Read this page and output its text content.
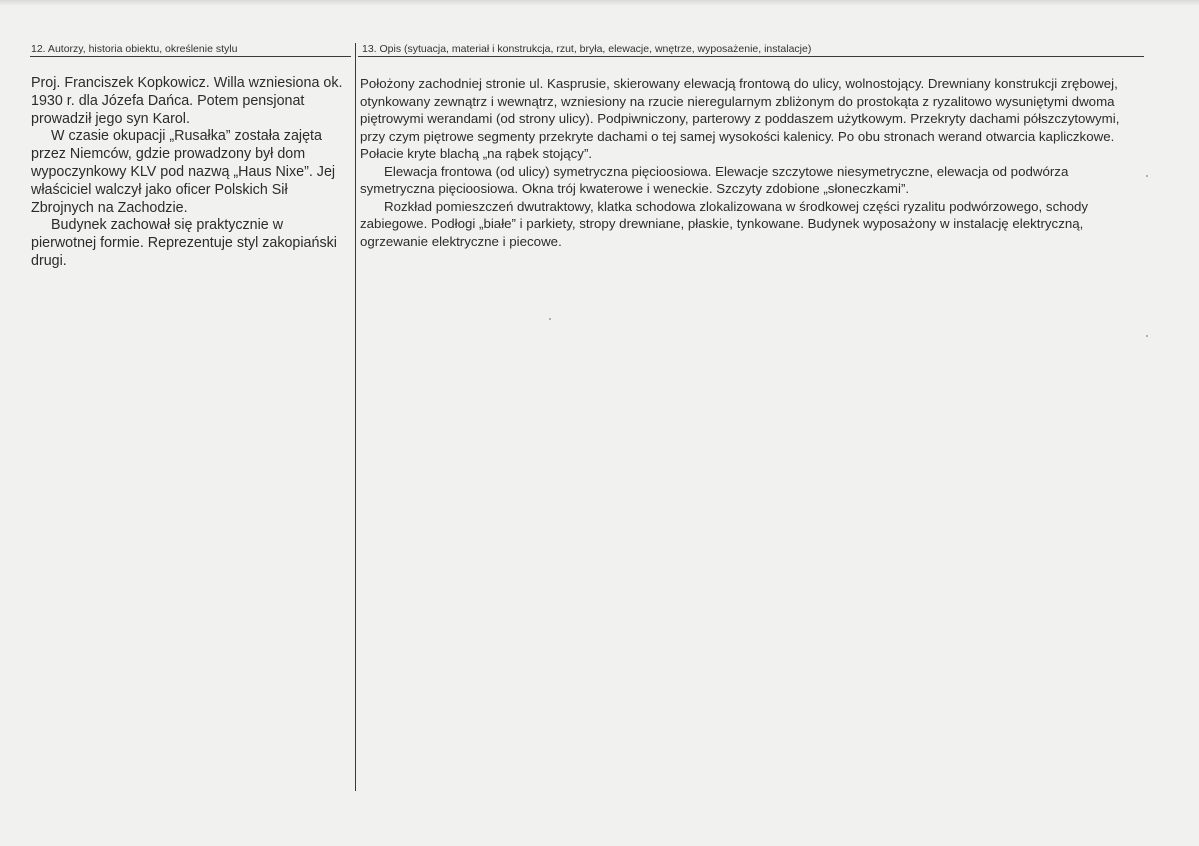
12. Autorzy, historia obiektu, określenie stylu	13. Opis (sytuacja, materiał i konstrukcja, rzut, bryła, elewacje, wnętrze, wyposażenie, instalacje)

Proj. Franciszek Kopkowicz. Willa wzniesiona ok. 1930 r. dla Józefa Dańca. Potem pensjonat prowadził jego syn Karol.

W czasie okupacji „Rusałka” została zajęta przez Niemców, gdzie prowadzony był dom wypoczynkowy KLV pod nazwą „Haus Nixe”. Jej właściciel walczył jako oficer Polskich Sił Zbrojnych na Zachodzie.

Budynek zachował się praktycznie w pierwotnej formie. Reprezentuje styl zakopiański drugi.

Położony zachodniej stronie ul. Kasprusie, skierowany elewacją frontową do ulicy, wolnostojący. Drewniany konstrukcji zrębowej, otynkowany zewnątrz i wewnątrz, wzniesiony na rzucie nieregularnym zbliżonym do prostokąta z ryzalitowo wysuniętymi dwoma piętrowymi werandami (od strony ulicy). Podpiwniczony, parterowy z poddaszem użytkowym. Przekryty dachami półszczytowymi, przy czym piętrowe segmenty przekryte dachami o tej samej wysokości kalenicy. Po obu stronach werand otwarcia kapliczkowe. Połacie kryte blachą „na rąbek stojący”.

Elewacja frontowa (od ulicy) symetryczna pięcioosiowa. Elewacje szczytowe niesymetryczne, elewacja od podwórza symetryczna pięcioosiowa. Okna trój kwaterowe i weneckie. Szczyty zdobione „słoneczkami”.

Rozkład pomieszczeń dwutraktowy, klatka schodowa zlokalizowana w środkowej części ryzalitu podwórzowego, schody zabiegowe. Podłogi „białe” i parkiety, stropy drewniane, płaskie, tynkowane. Budynek wyposażony w instalację elektryczną, ogrzewanie elektryczne i piecowe.
